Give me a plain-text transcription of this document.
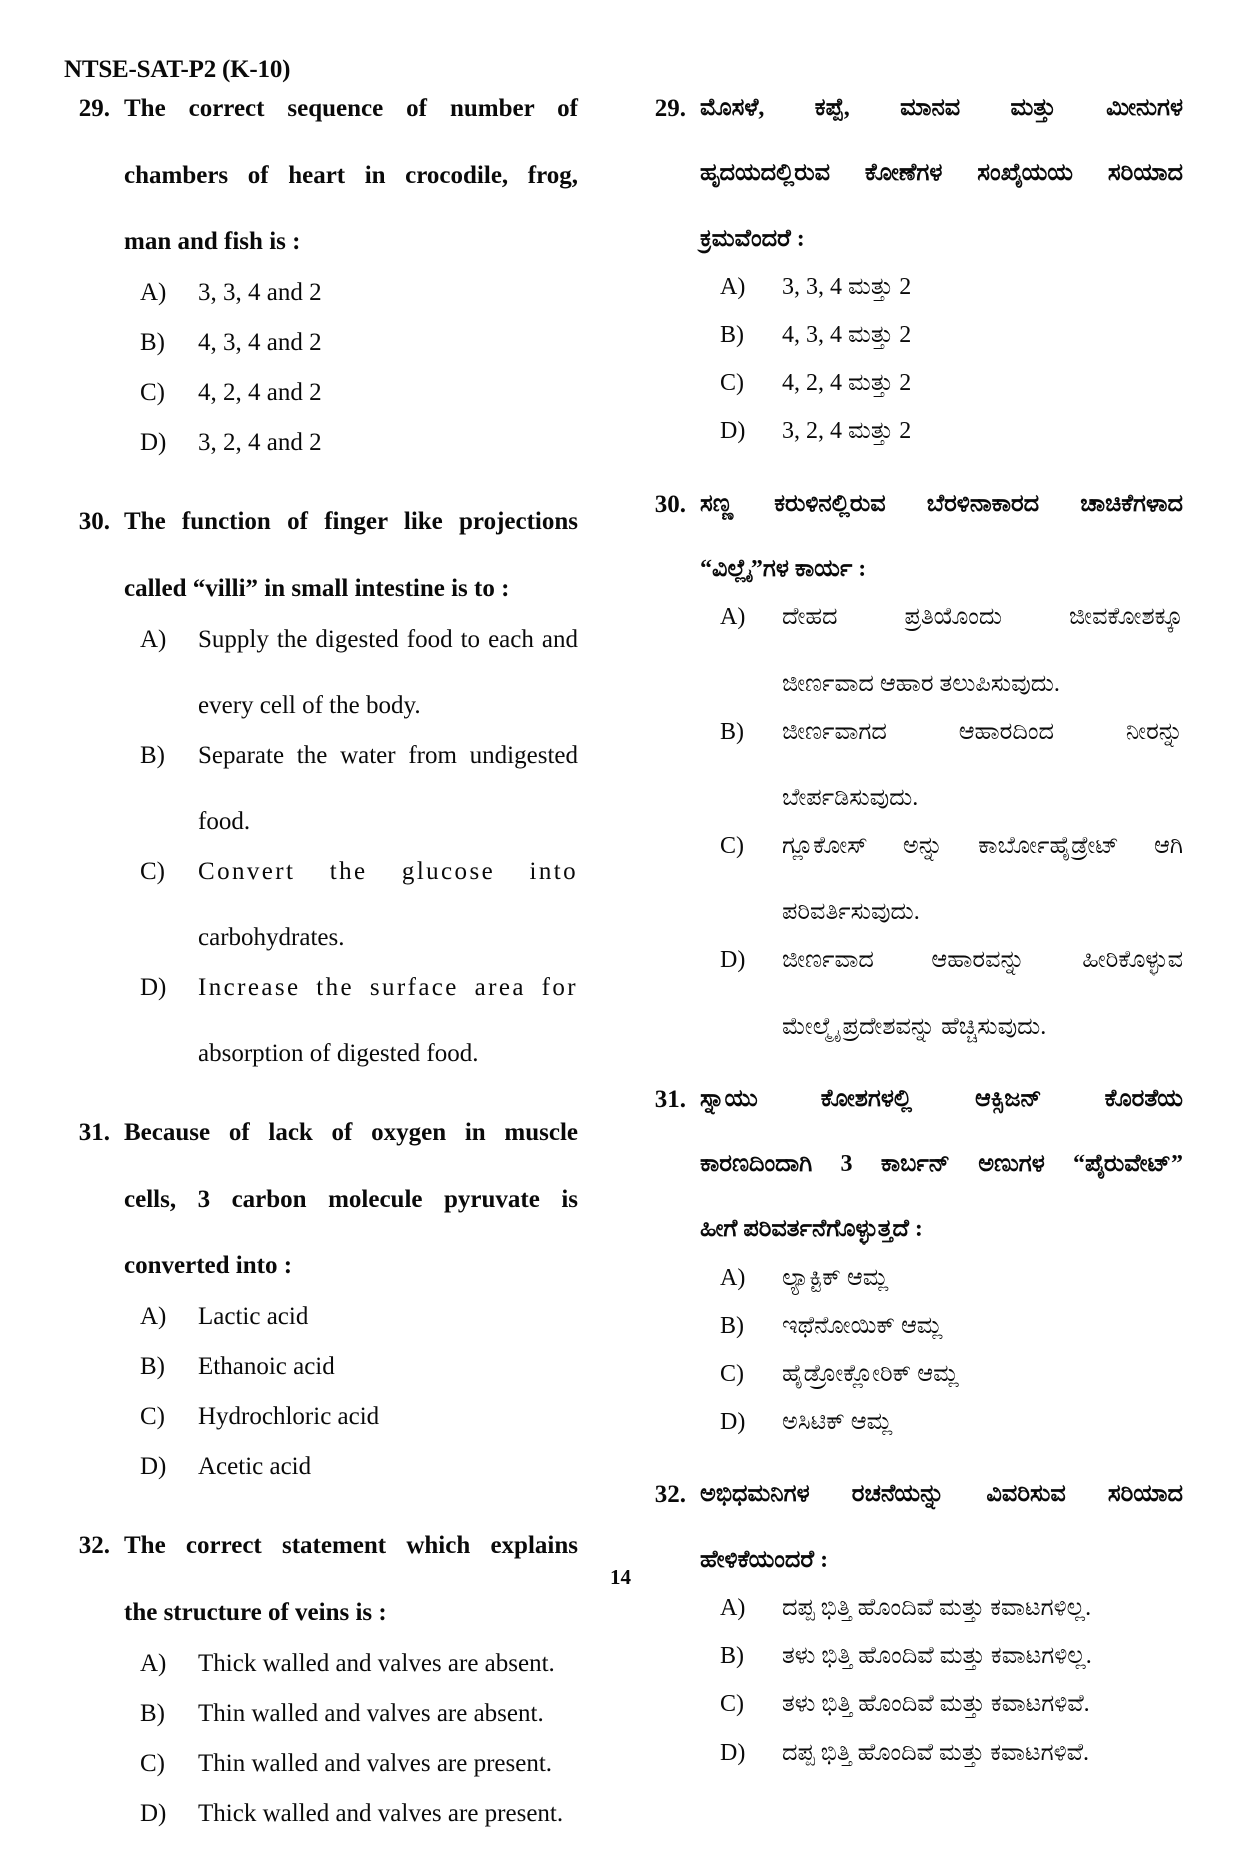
NTSE-SAT-P2 (K-10)
29. The correct sequence of number of
chambers of heart in crocodile, frog,
man and fish is :
A)	3, 3, 4 and 2
B)	4, 3, 4 and 2
C)	4, 2, 4 and 2
D)	3, 2, 4 and 2
30. The function of finger like projections
called “villi” in small intestine is to :
A)	Supply the digested food to each and
every cell of the body.
B)	Separate the water from undigested
food.
C)	Convert the glucose into
carbohydrates.
D)	Increase the surface area for
absorption of digested food.
31. Because of lack of oxygen in muscle
cells, 3 carbon molecule pyruvate is
converted into :
A)	Lactic acid
B)	Ethanoic acid
C)	Hydrochloric acid
D)	Acetic acid
32. The correct statement which explains
the structure of veins is :
A)	Thick walled and valves are absent.
B)	Thin walled and valves are absent.
C)	Thin walled and valves are present.
D)	Thick walled and valves are present.
29. ಮೊಸಳೆ, ಕಪ್ಪೆ, ಮಾನವ ಮತ್ತು ಮೀನುಗಳ
ಹೃದಯದಲ್ಲಿರುವ ಕೋಣೆಗಳ ಸಂಖೈಯಯ ಸರಿಯಾದ
ಕ್ರಮವೆಂದರೆ :
A)	3, 3, 4 ಮತ್ತು 2
B)	4, 3, 4 ಮತ್ತು 2
C)	4, 2, 4 ಮತ್ತು 2
D)	3, 2, 4 ಮತ್ತು 2
30. ಸಣ್ಣ ಕರುಳಿನಲ್ಲಿರುವ ಬೆರಳಿನಾಕಾರದ ಚಾಚಿಕೆಗಳಾದ
“ವಿಲ್ಲೈ”ಗಳ ಕಾರ್ಯ :
A)	ದೇಹದ ಪ್ರತಿಯೊಂದು ಜೀವಕೋಶಕ್ಕೂ
ಜೀರ್ಣವಾದ ಆಹಾರ ತಲುಪಿಸುವುದು.
B)	ಜೀರ್ಣವಾಗದ ಆಹಾರದಿಂದ ನೀರನ್ನು
ಬೇರ್ಪಡಿಸುವುದು.
C)	ಗ್ಲೂಕೋಸ್ ಅನ್ನು ಕಾರ್ಬೋಹೈಡ್ರೇಟ್ ಆಗಿ
ಪರಿವರ್ತಿಸುವುದು.
D)	ಜೀರ್ಣವಾದ ಆಹಾರವನ್ನು ಹೀರಿಕೊಳ್ಳುವ
ಮೇಲ್ಮೈ ಪ್ರದೇಶವನ್ನು ಹೆಚ್ಚಿಸುವುದು.
31. ಸ್ನಾಯು ಕೋಶಗಳಲ್ಲಿ ಆಕ್ಸಿಜನ್ ಕೊರತೆಯ
ಕಾರಣದಿಂದಾಗಿ 3 ಕಾರ್ಬನ್ ಅಣುಗಳ “ಪೈರುವೇಟ್”
ಹೀಗೆ ಪರಿವರ್ತನೆಗೊಳ್ಳುತ್ತದೆ :
A)	ಲ್ಯಾಕ್ಟಿಕ್ ಆಮ್ಲ
B)	ಇಥೆನೋಯಿಕ್ ಆಮ್ಲ
C)	ಹೈಡ್ರೋಕ್ಲೋರಿಕ್ ಆಮ್ಲ
D)	ಅಸಿಟಿಕ್ ಆಮ್ಲ
32. ಅಭಿಧಮನಿಗಳ ರಚನೆಯನ್ನು ವಿವರಿಸುವ ಸರಿಯಾದ
ಹೇಳಿಕೆಯಂದರೆ :
A)	ದಪ್ಪ ಭಿತ್ತಿ ಹೊಂದಿವೆ ಮತ್ತು ಕವಾಟಗಳಿಲ್ಲ.
B)	ತಳು ಭಿತ್ತಿ ಹೊಂದಿವೆ ಮತ್ತು ಕವಾಟಗಳಿಲ್ಲ.
C)	ತಳು ಭಿತ್ತಿ ಹೊಂದಿವೆ ಮತ್ತು ಕವಾಟಗಳಿವೆ.
D)	ದಪ್ಪ ಭಿತ್ತಿ ಹೊಂದಿವೆ ಮತ್ತು ಕವಾಟಗಳಿವೆ.
14
